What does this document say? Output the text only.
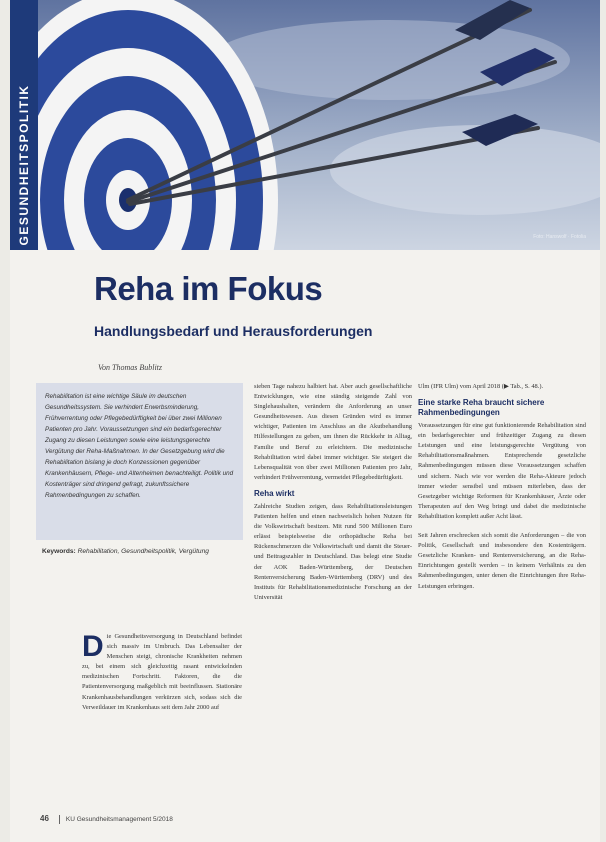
GESUNDHEITSPOLITIK	Foto: Hanswolf · Fotolia
Reha im Fokus
Handlungsbedarf und Herausforderungen
Von Thomas Bublitz
Rehabilitation ist eine wichtige Säule im deutschen Gesundheitssystem. Sie verhindert Erwerbsminderung, Frühverrentung oder Pflegebedürftigkeit bei über zwei Millionen Patienten pro Jahr. Voraussetzungen sind ein bedarfsgerechter Zugang zu diesen Leistungen sowie eine leistungsgerechte Vergütung der Reha-Maßnahmen. In der Gesetzgebung wird die Rehabilitation bislang je doch Konzessionen gegenüber Krankenhäusern, Pflege- und Altenheimen benachteiligt. Politik und Kostenträger sind dringend gefragt, zukunftssichere Rahmenbedingungen zu schaffen.
Keywords: Rehabilitation, Gesundheitspolitik, Vergütung
D ie Gesundheitsversorgung in Deutschland befindet sich massiv im Umbruch. Das Lebensalter der Menschen steigt, chronische Krankheiten nehmen zu, bei einem sich gleichzeitig rasant entwickelnden medizinischen Fortschritt. Faktoren, die die Patientenversorgung maßgeblich mit beeinflussen. Stationäre Krankenhausbehandlungen verkürzen sich, sodass sich die Verweildauer im Krankenhaus seit dem Jahr 2000 auf

sieben Tage nahezu halbiert hat. Aber auch gesellschaftliche Entwicklungen, wie eine ständig steigende Zahl von Singlehaushalten, verändern die Anforderung an unser Gesundheitswesen. Aus diesen Gründen wird es immer wichtiger, Patienten im Anschluss an die Akutbehandlung Hilfestellungen zu geben, um ihnen die Rückkehr in Alltag, Familie und Beruf zu erleichtern. Die medizinische Rehabilitation wird dabei immer wichtiger. Sie steigert die Lebensqualität von über zwei Millionen Patienten pro Jahr, verhindert Frühverrentung, vermeidet Pflegebedürftigkeit.

Reha wirkt

Zahlreiche Studien zeigen, dass Rehabilitationsleistungen Patienten helfen und einen nachweislich hohen Nutzen für die Volkswirtschaft besitzen. Mit rund 500 Millionen Euro erlässt beispielsweise die orthopädische Reha bei Rückenschmerzen die Volkswirtschaft und damit die Steuer- und Beitragszahler in Deutschland. Das belegt eine Studie der AOK Baden-Württemberg, der Deutschen Rentenversicherung Baden-Württemberg (DRV) und des Instituts für Rehabilitationsmedizinische Forschung an der Universität

Ulm (IFR Ulm) vom April 2018 (▶ Tab., S. 48.).

Eine starke Reha braucht sichere Rahmenbedingungen

Voraussetzungen für eine gut funktionierende Rehabilitation sind ein bedarfsgerechter und frühzeitiger Zugang zu diesen Leistungen und eine leistungsgerechte Vergütung von Rehabilitationsmaßnahmen. Entsprechende gesetzliche Rahmenbedingungen müssen diese Voraussetzungen schaffen und sichern. Nach wie vor werden die Reha-Akteure jedoch immer wieder sensibel und müssen miterleben, dass der Gesetzgeber wichtige Reformen für Krankenhäuser, Ärzte oder Therapeuten auf den Weg bringt und dabei die medizinische Rehabilitation komplett außer Acht lässt.

Seit Jahren erschrecken sich somit die Anforderungen – die von Politik, Gesellschaft und insbesondere den Kostenträgern. Gesetzliche Kranken- und Rentenversicherung, an die Reha-Einrichtungen gestellt werden – in keinem Verhältnis zu den Rahmenbedingungen, unter denen die Einrichtungen ihre Reha-Leistungen erbringen.

46	KU Gesundheitsmanagement 5/2018
